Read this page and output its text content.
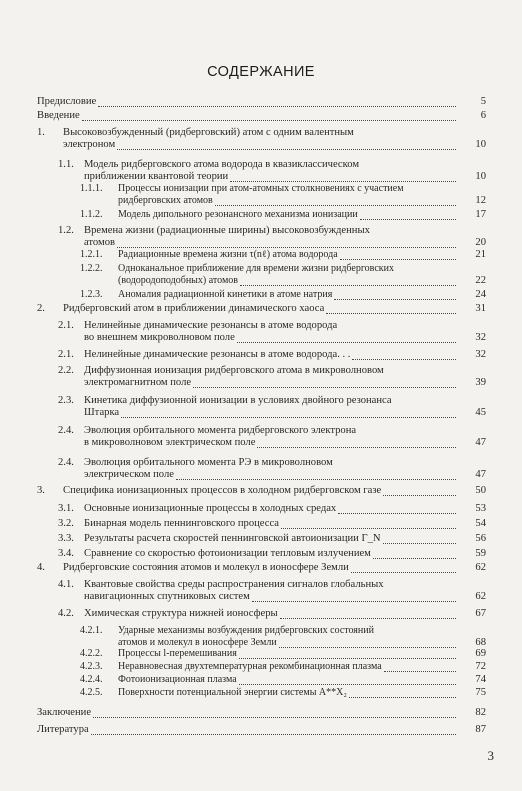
СОДЕРЖАНИЕ
Предисловие	5
Введение	6
1.	Высоковозбужденный (ридберговский) атом с одним валентным
электроном	10
1.1. Модель ридберговского атома водорода в квазиклассическом
приближении квантовой теории	10
1.1.1.	Процессы ионизации при атом-атомных столкновениях с участием
ридберговских атомов	12
1.1.2.	Модель дипольного резонансного механизма ионизации	17
1.2. Времена жизни (радиационные ширины) высоковозбужденных
атомов	20
1.2.1.	Радиационные времена жизни τ(nℓ) атома водорода	21
1.2.2.	Одноканальное приближение для времени жизни ридберговских
(водородоподобных) атомов	22
1.2.3.	Аномалия радиационной кинетики в атоме натрия	24
2.	Ридберговский атом в приближении динамического хаоса	31
2.1. Нелинейные динамические резонансы в атоме водорода
во внешнем микроволновом поле	32
2.1. Нелинейные динамические резонансы в атоме водорода. . .	32
2.2. Диффузионная ионизация ридберговского атома в микроволновом
электромагнитном поле	39
2.3. Кинетика диффузионной ионизации в условиях двойного резонанса
Штарка	45
2.4. Эволюция орбитального момента ридберговского электрона
в микроволновом электрическом поле	47
2.4. Эволюция орбитального момента РЭ в микроволновом
электрическом поле	47
3.	Специфика ионизационных процессов в холодном ридберговском газе	50
3.1. Основные ионизационные процессы в холодных средах	53
3.2. Бинарная модель пеннинговского процесса	54
3.3. Результаты расчета скоростей пеннинговской автоионизации Γ_N	56
3.4. Сравнение со скоростью фотоионизации тепловым излучением	59
4.	Ридберговские состояния атомов и молекул в ионосфере Земли	62
4.1. Квантовые свойства среды распространения сигналов глобальных
навигационных спутниковых систем	62
4.2. Химическая структура нижней ионосферы	67
4.2.1.	Ударные механизмы возбуждения ридберговских состояний
атомов и молекул в ионосфере Земли	68
4.2.2.	Процессы l-перемешивания	69
4.2.3.	Неравновесная двухтемпературная рекомбинационная плазма	72
4.2.4.	Фотоионизационная плазма	74
4.2.5.	Поверхности потенциальной энергии системы A**X₂	75
Заключение	82
Литература	87
3
